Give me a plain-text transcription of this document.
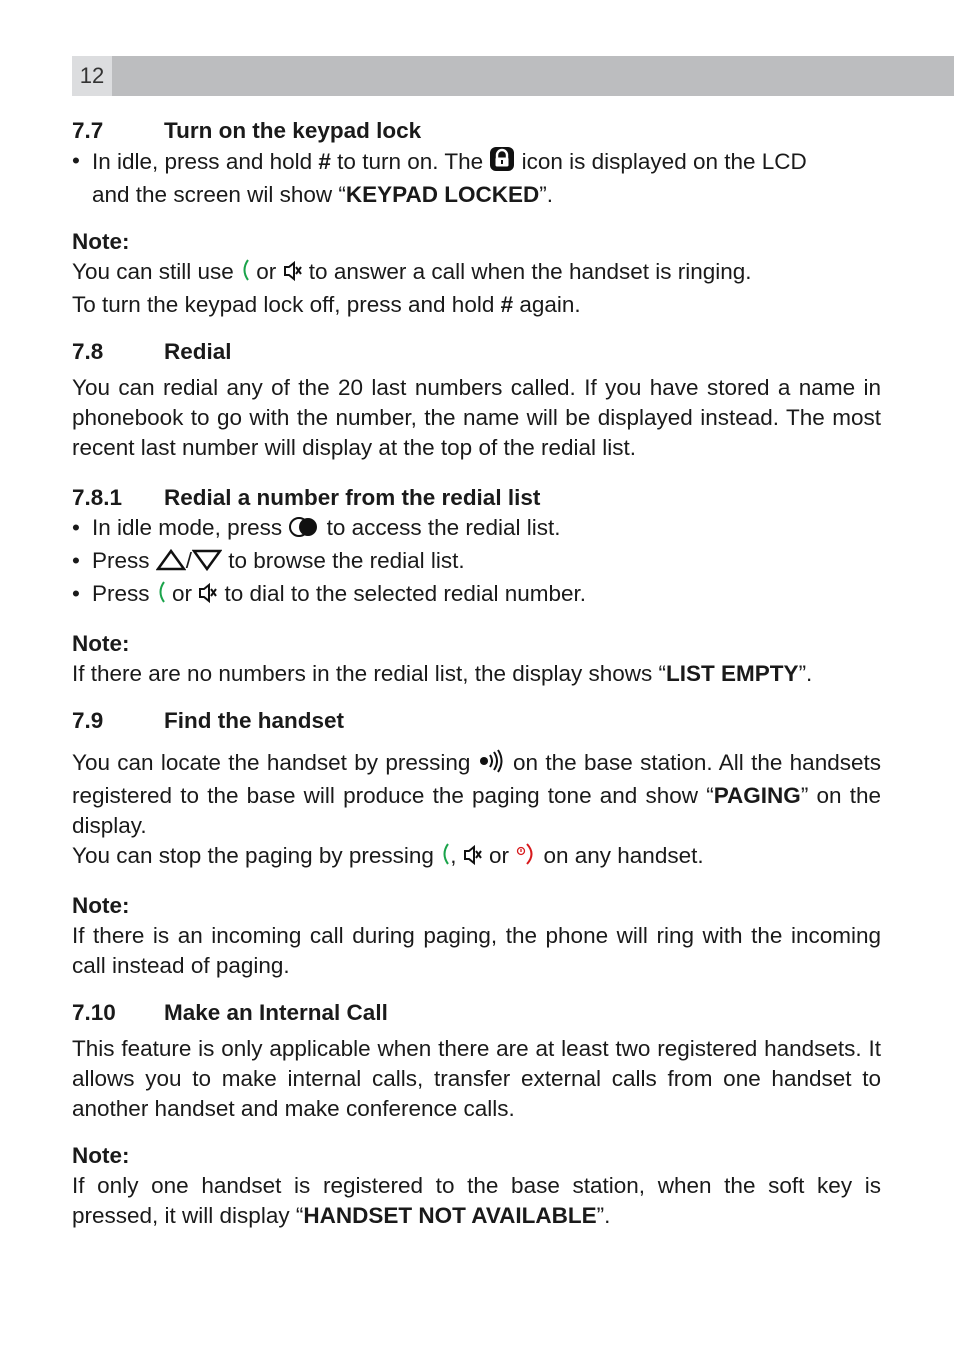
12
7.7	Turn on the keypad lock
• In idle, press and hold # to turn on. The  icon is displayed on the LCD
and the screen wil show “KEYPAD LOCKED”.

Note:

You can still use  or  to answer a call when the handset is ringing.
To turn the keypad lock off, press and hold # again.

7.8	Redial

You can redial any of the 20 last numbers called. If you have stored a name in phonebook to go with the number, the name will be displayed instead. The most recent last number will display at the top of the redial list.

7.8.1	Redial a number from the redial list
• In idle mode, press  to access the redial list.
• Press / to browse the redial list.
• Press  or  to dial to the selected redial number.

Note:

If there are no numbers in the redial list, the display shows “LIST EMPTY”.

7.9	Find the handset

You can locate the handset by pressing  on the base station. All the handsets registered to the base will produce the paging tone and show “PAGING” on the display.

You can stop the paging by pressing ,  or  on any handset.

Note:

If there is an incoming call during paging, the phone will ring with the incoming call instead of paging.

7.10	Make an Internal Call

This feature is only applicable when there are at least two registered handsets. It allows you to make internal calls, transfer external calls from one handset to another handset and make conference calls.

Note:

If only one handset is registered to the base station, when the soft key is pressed, it will display “HANDSET NOT AVAILABLE”.
